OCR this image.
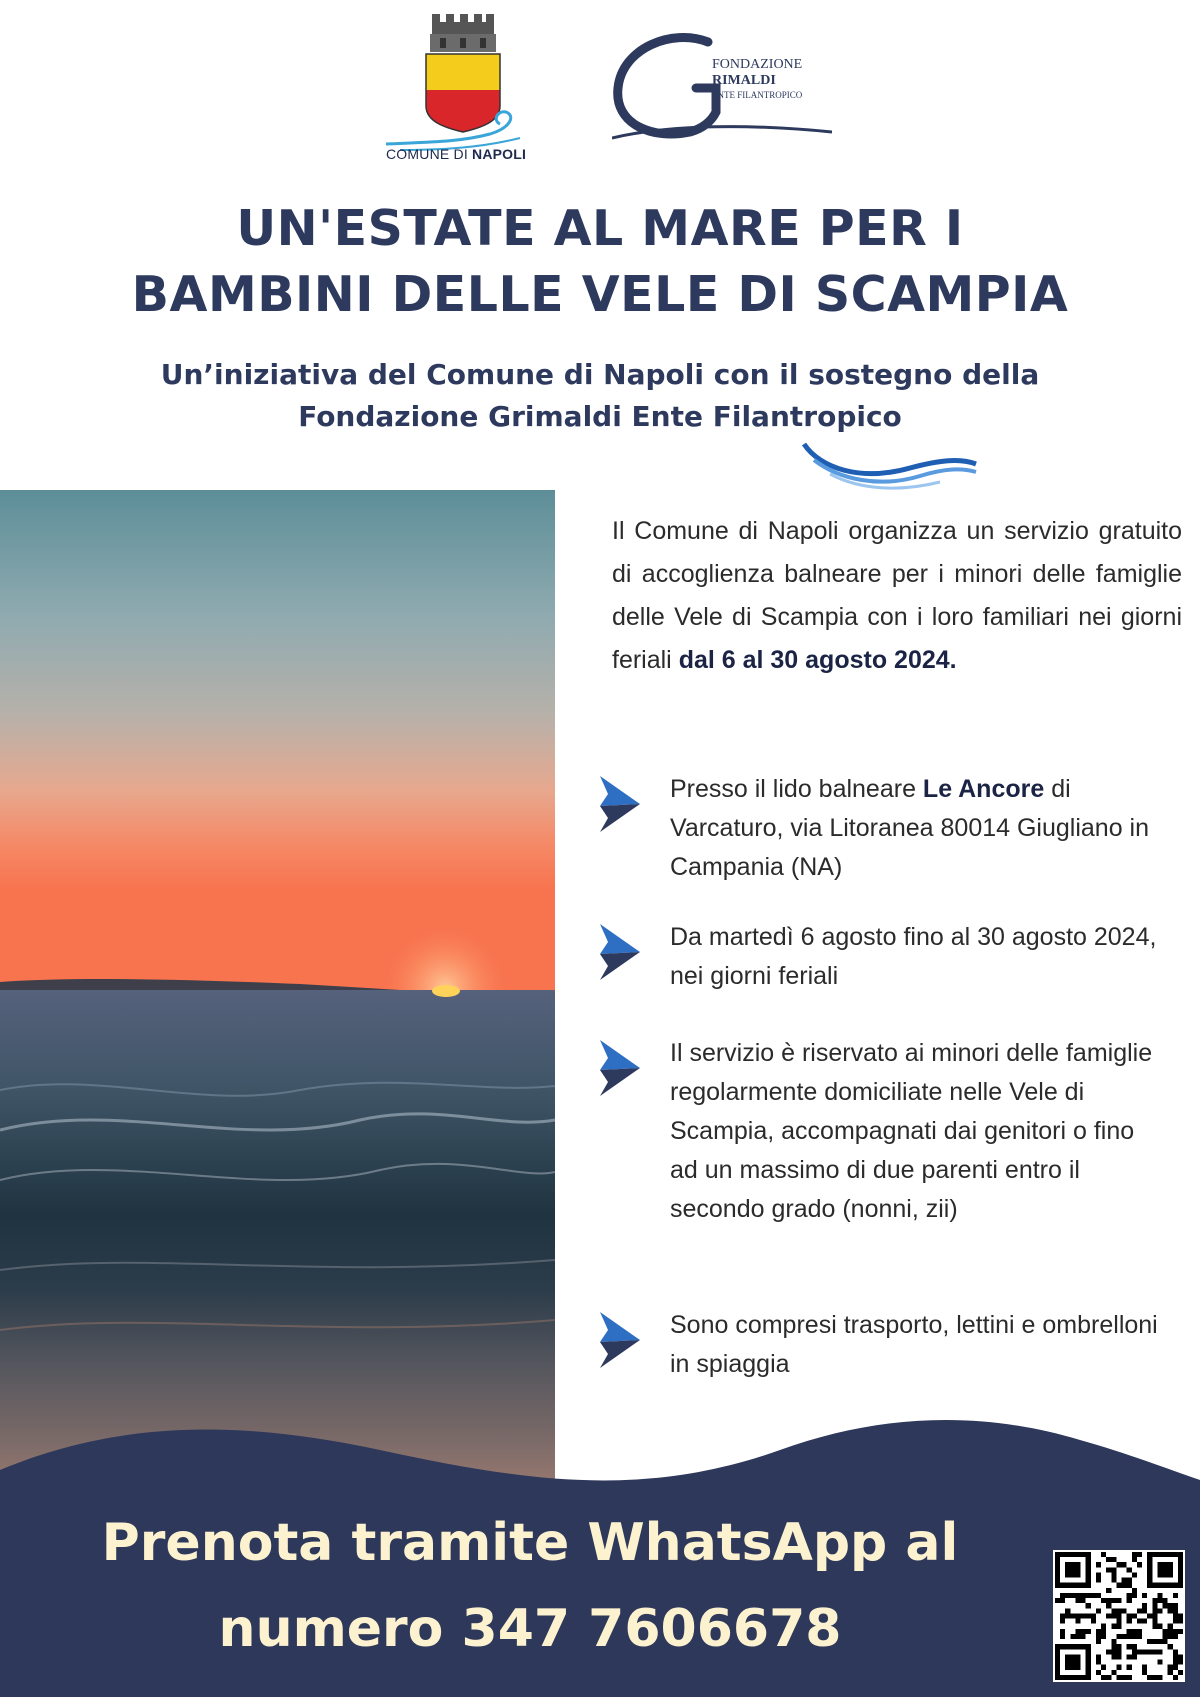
COMUNE DI NAPOLI
FONDAZIONE
RIMALDI
ENTE FILANTROPICO
UN'ESTATE AL MARE PER I
BAMBINI DELLE VELE DI SCAMPIA
Un’iniziativa del Comune di Napoli con il sostegno della
Fondazione Grimaldi Ente Filantropico
Il Comune di Napoli organizza un servizio gratuito di accoglienza balneare per i minori delle famiglie delle Vele di Scampia con i loro familiari nei giorni feriali dal 6 al 30 agosto 2024.
Presso il lido balneare Le Ancore di Varcaturo, via Litoranea 80014 Giugliano in Campania (NA)
Da martedì 6 agosto fino al 30 agosto 2024, nei giorni feriali
Il servizio è riservato ai minori delle famiglie regolarmente domiciliate nelle Vele di Scampia, accompagnati dai genitori o fino ad un massimo di due parenti entro il secondo grado (nonni, zii)
Sono compresi trasporto, lettini e ombrelloni in spiaggia
Prenota tramite WhatsApp al
numero 347 7606678
